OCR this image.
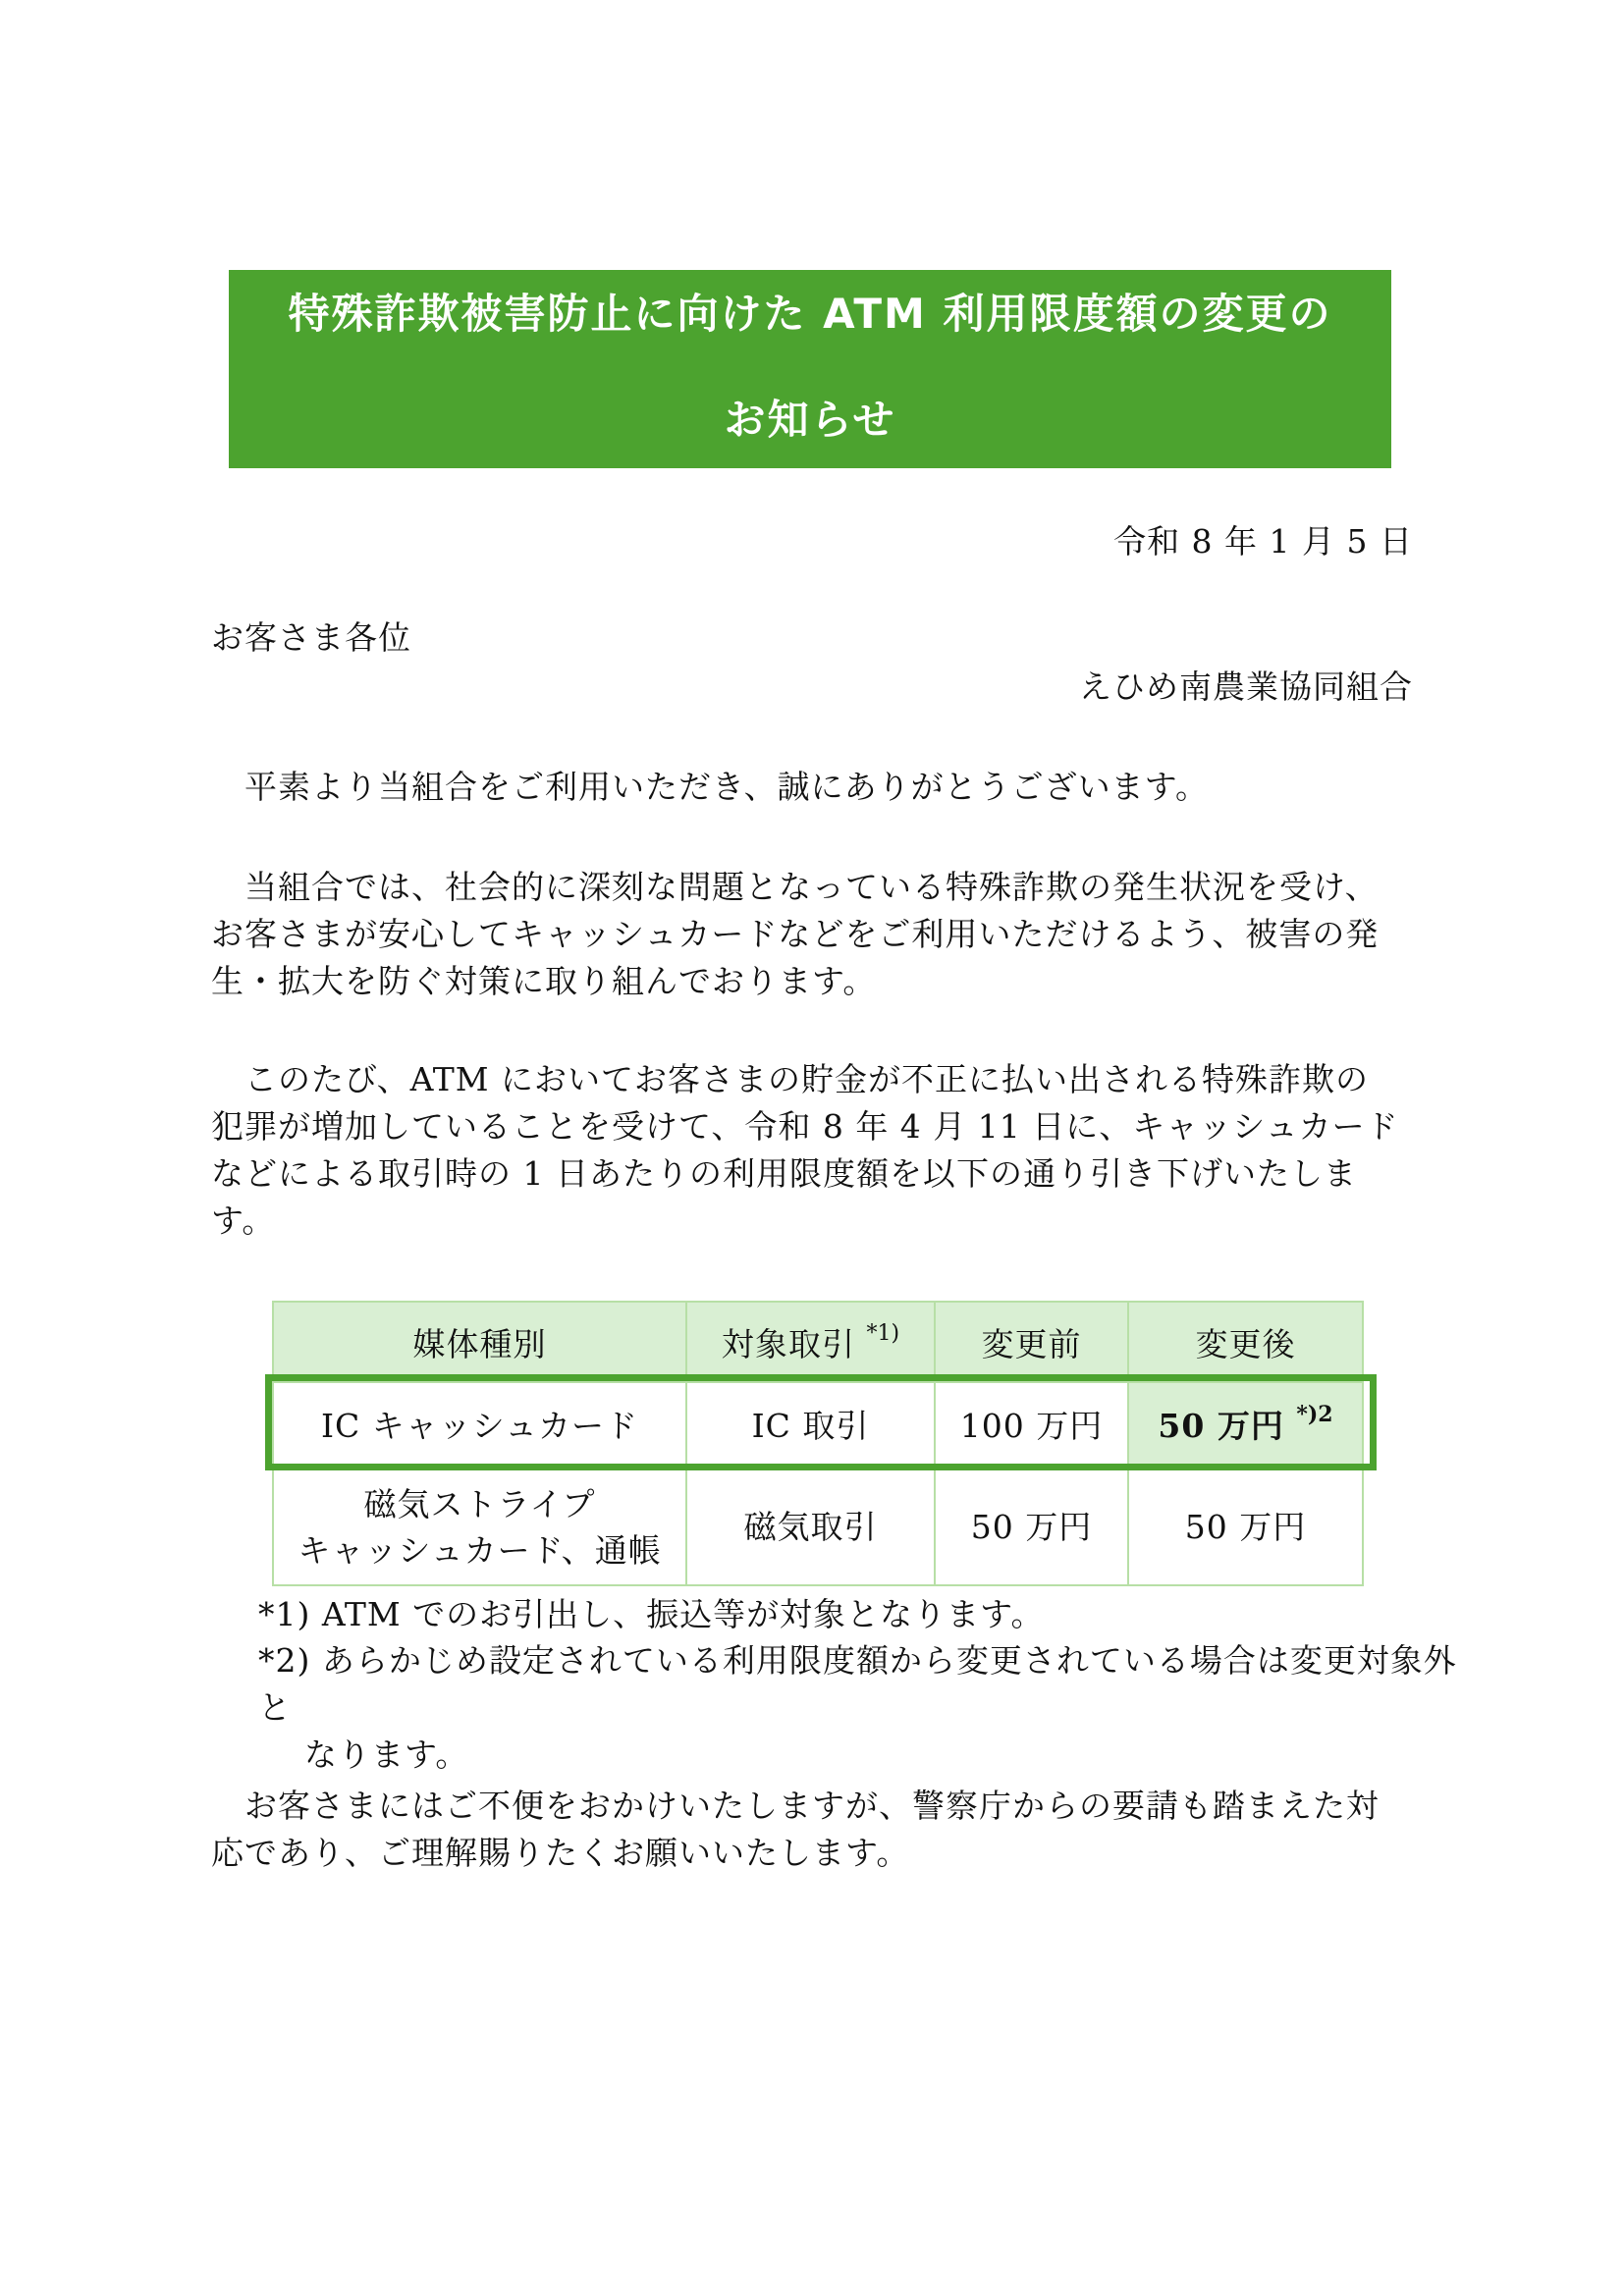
特殊詐欺被害防止に向けた ATM 利用限度額の変更の
お知らせ
令和 8 年 1 月 5 日
お客さま各位
えひめ南農業協同組合
　平素より当組合をご利用いただき、誠にありがとうございます。
　当組合では、社会的に深刻な問題となっている特殊詐欺の発生状況を受け、
お客さまが安心してキャッシュカードなどをご利用いただけるよう、被害の発
生・拡大を防ぐ対策に取り組んでおります。
　このたび、ATM においてお客さまの貯金が不正に払い出される特殊詐欺の
犯罪が増加していることを受けて、令和 8 年 4 月 11 日に、キャッシュカード
などによる取引時の 1 日あたりの利用限度額を以下の通り引き下げいたしま
す。
媒体種別	対象取引 $^{*1)}$	変更前	変更後
IC キャッシュカード	IC 取引	100 万円	50 万円 $^{*)2}$

磁気ストライプ
キャッシュカード、通帳	磁気取引	50 万円	50 万円
*1) ATM でのお引出し、振込等が対象となります。
*2) あらかじめ設定されている利用限度額から変更されている場合は変更対象外と
なります。
　お客さまにはご不便をおかけいたしますが、警察庁からの要請も踏まえた対
応であり、ご理解賜りたくお願いいたします。
